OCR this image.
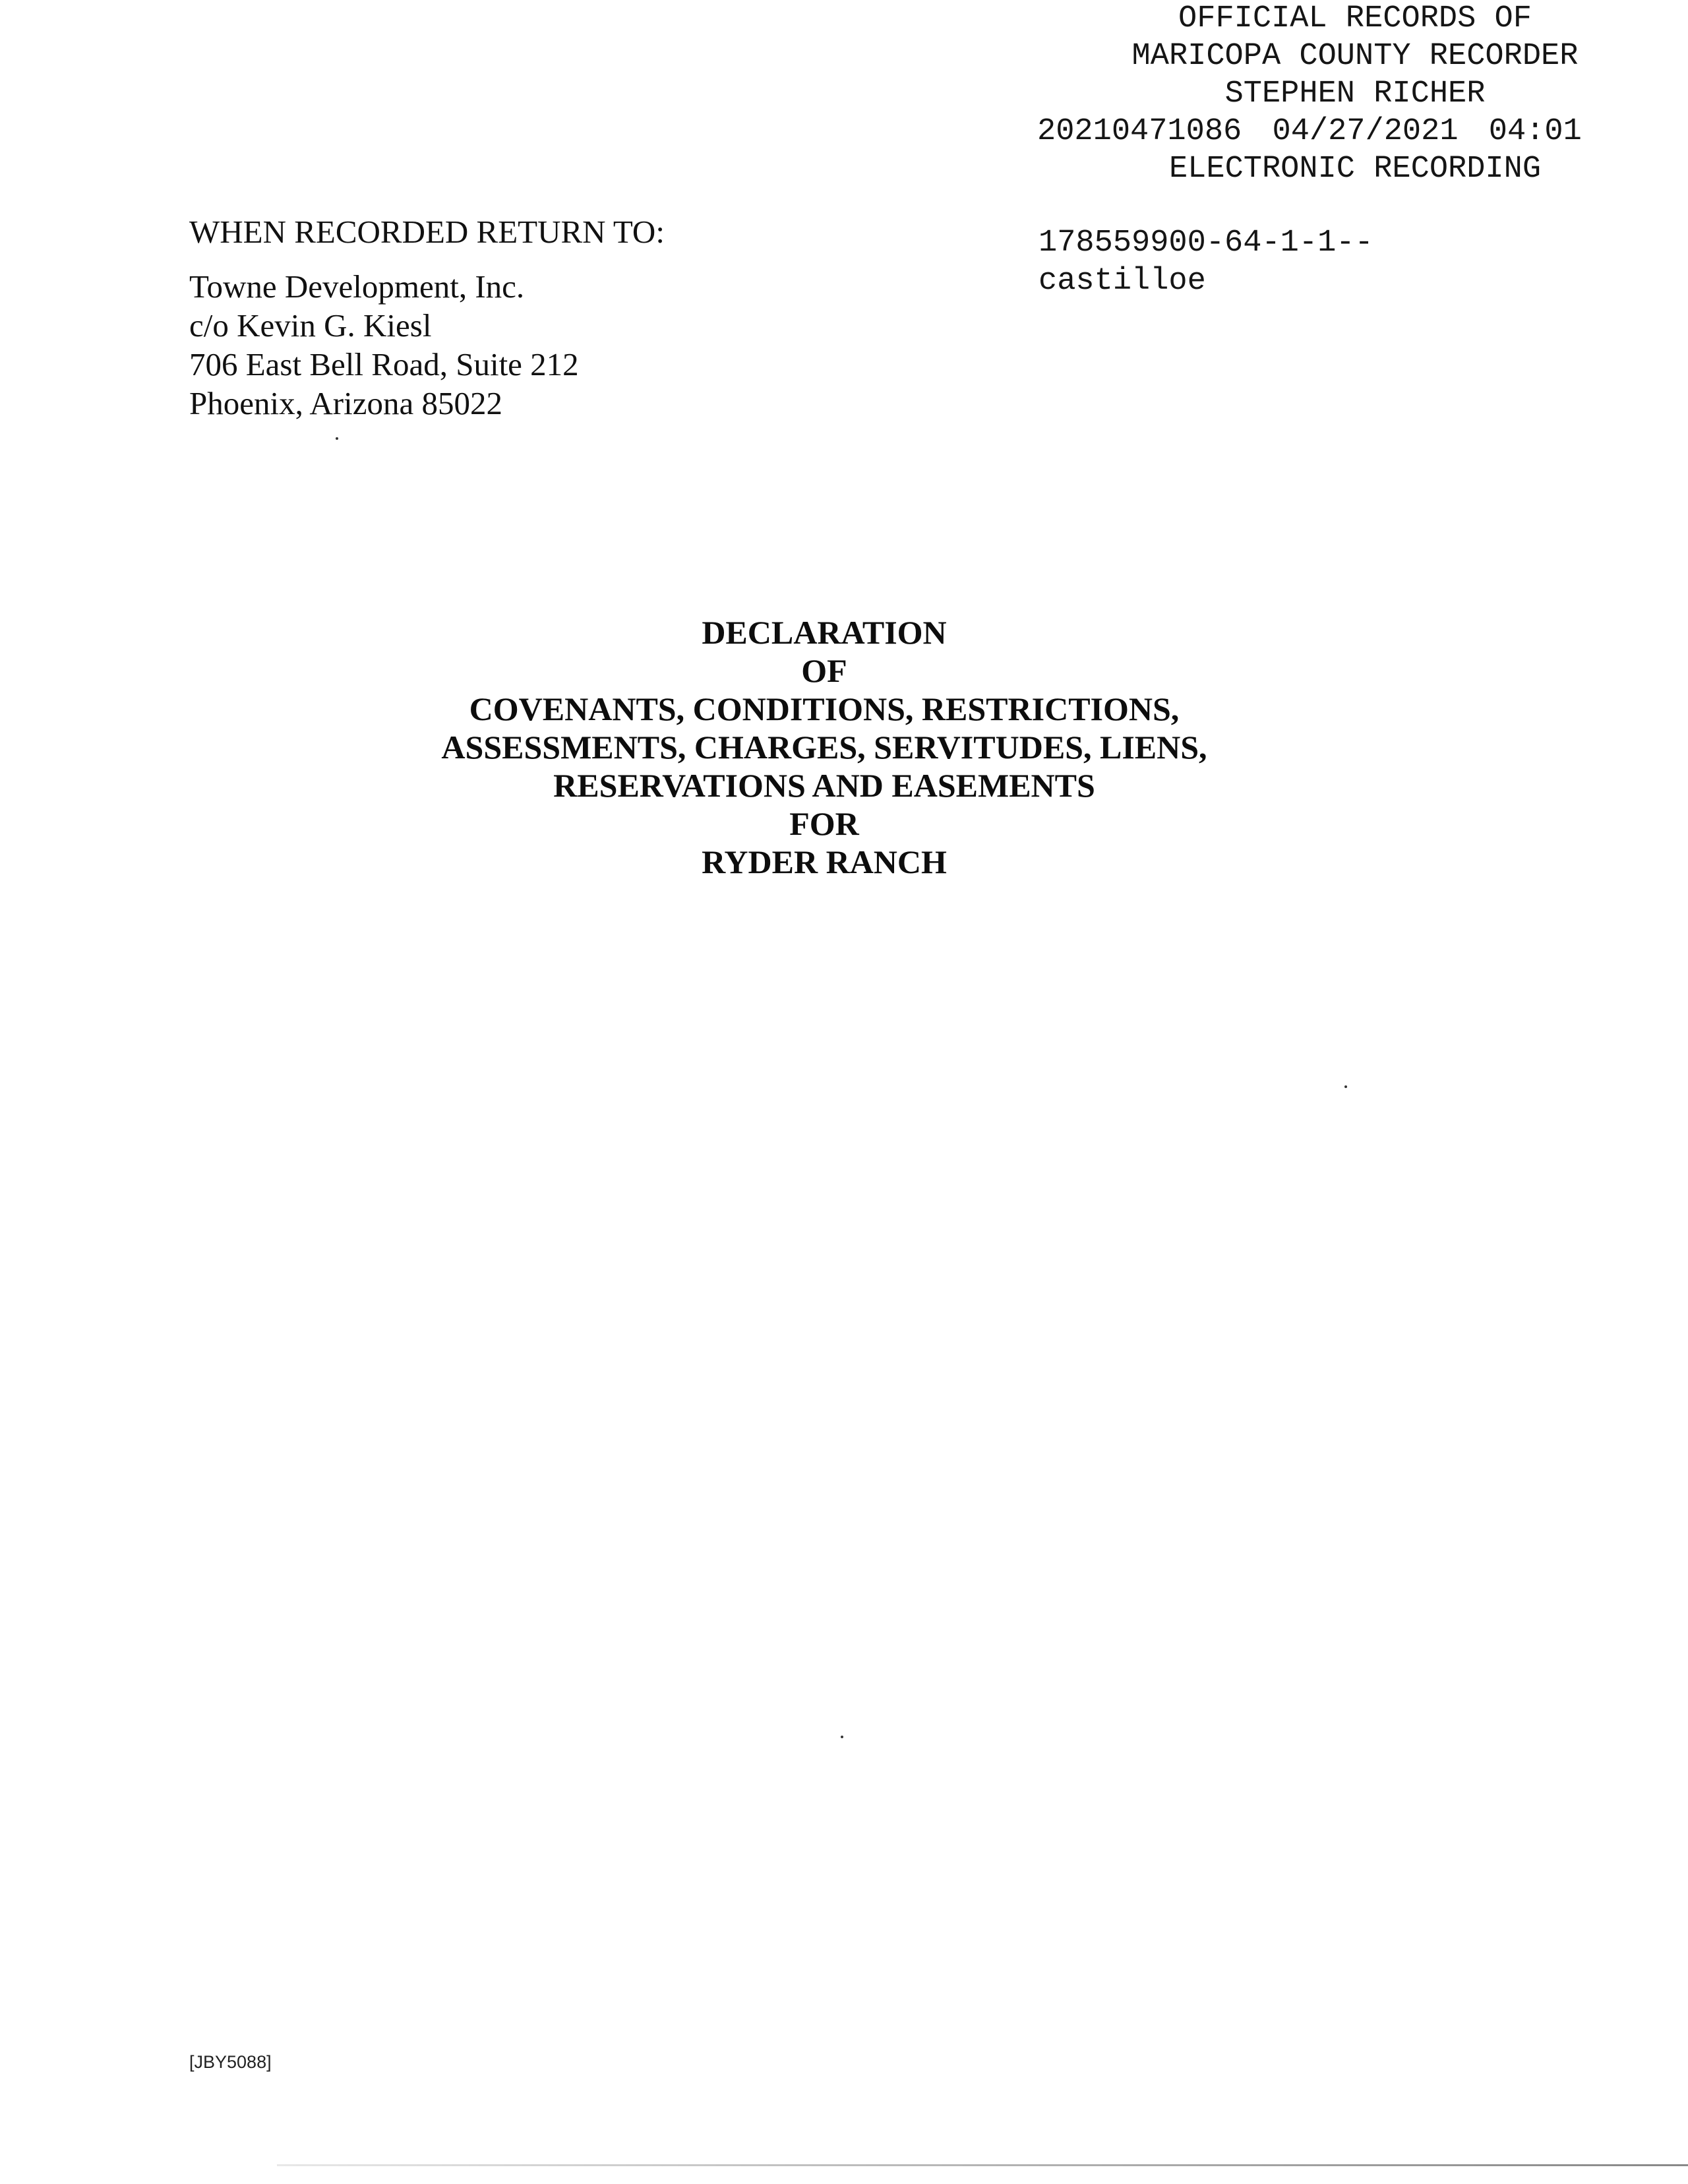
OFFICIAL RECORDS OF
MARICOPA COUNTY RECORDER
STEPHEN RICHER
20210471086 04/27/2021 04:01
ELECTRONIC RECORDING
178559900-64-1-1--
castilloe
WHEN RECORDED RETURN TO:
Towne Development, Inc.
c/o Kevin G. Kiesl
706 East Bell Road, Suite 212
Phoenix, Arizona 85022
DECLARATION
OF
COVENANTS, CONDITIONS, RESTRICTIONS,
ASSESSMENTS, CHARGES, SERVITUDES, LIENS,
RESERVATIONS AND EASEMENTS
FOR
RYDER RANCH
[JBY5088]
